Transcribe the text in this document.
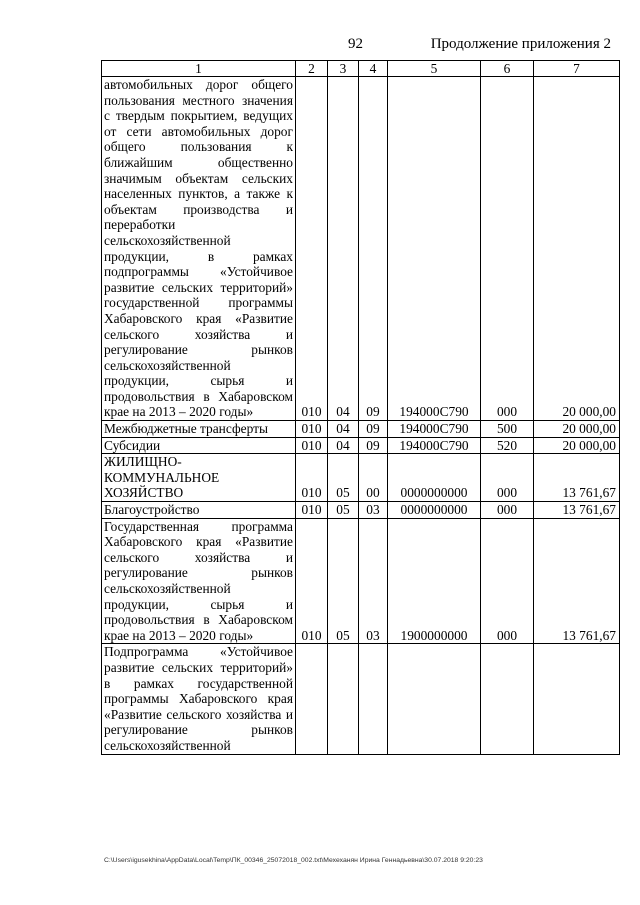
92	Продолжение приложения 2
1	2	3	4	5	6	7
автомобильных дорог общего пользования местного значения с твердым покрытием, ведущих от сети автомобильных дорог общего пользования к ближайшим общественно значимым объектам сельских населенных пунктов, а также к объектам производства и переработки сельскохозяйственной продукции, в рамках подпрограммы «Устойчивое развитие сельских территорий» государственной программы Хабаровского края «Развитие сельского хозяйства и регулирование рынков сельскохозяйственной продукции, сырья и продовольствия в Хабаровском крае на 2013 – 2020 годы»	010	04	09	194000С790	000	20 000,00
Межбюджетные трансферты	010	04	09	194000С790	500	20 000,00
Субсидии	010	04	09	194000С790	520	20 000,00
ЖИЛИЩНО-КОММУНАЛЬНОЕ ХОЗЯЙСТВО	010	05	00	0000000000	000	13 761,67
Благоустройство	010	05	03	0000000000	000	13 761,67
Государственная программа Хабаровского края «Развитие сельского хозяйства и регулирование рынков сельскохозяйственной продукции, сырья и продовольствия в Хабаровском крае на 2013 – 2020 годы»	010	05	03	1900000000	000	13 761,67
Подпрограмма «Устойчивое развитие сельских территорий» в рамках государственной программы Хабаровского края «Развитие сельского хозяйства и регулирование рынков сельскохозяйственной						
C:\Users\igusekhina\AppData\Local\Temp\ПК_00346_25072018_002.txt\Мехеханян Ирина Геннадьевна\30.07.2018 9:20:23
